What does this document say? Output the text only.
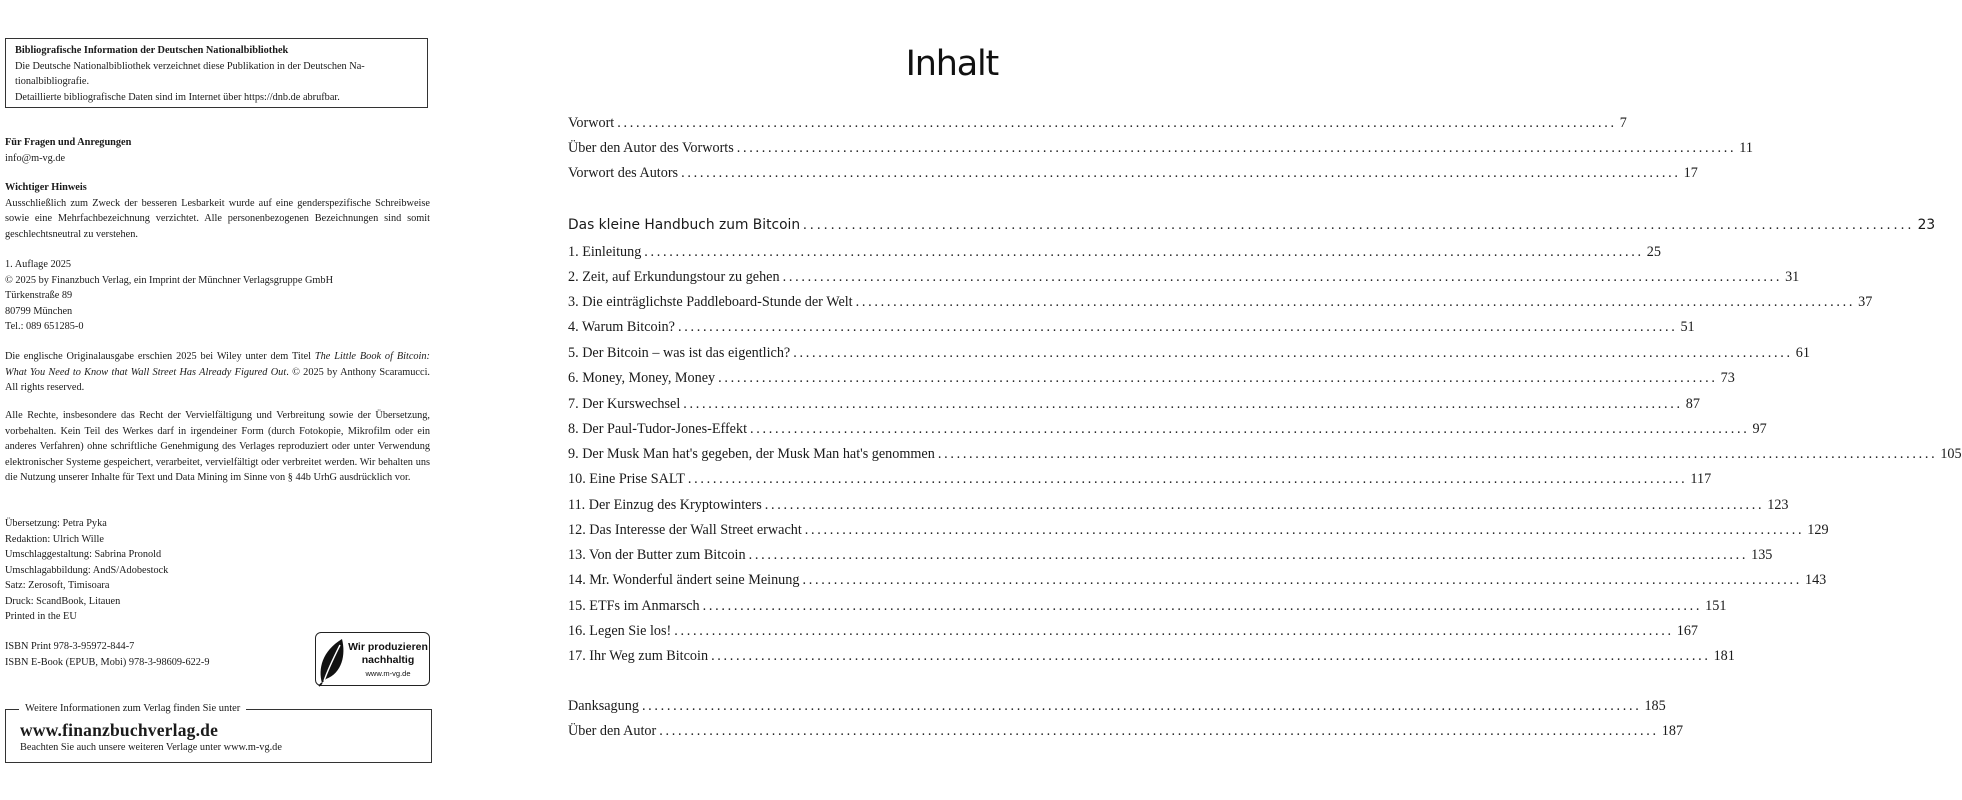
Bibliografische Information der Deutschen Nationalbibliothek
Die Deutsche Nationalbibliothek verzeichnet diese Publikation in der Deutschen Na-
tionalbibliografie.
Detaillierte bibliografische Daten sind im Internet über https://dnb.de abrufbar.

Für Fragen und Anregungen

info@m-vg.de

Wichtiger Hinweis

Ausschließlich zum Zweck der besseren Lesbarkeit wurde auf eine genderspezifische Schreibweise sowie eine Mehrfachbezeichnung verzichtet. Alle personenbezogenen Bezeichnungen sind somit geschlechtsneutral zu verstehen.

1. Auflage 2025

© 2025 by Finanzbuch Verlag, ein Imprint der Münchner Verlagsgruppe GmbH

Türkenstraße 89

80799 München

Tel.: 089 651285-0

Die englische Originalausgabe erschien 2025 bei Wiley unter dem Titel The Little Book of Bitcoin: What You Need to Know that Wall Street Has Already Figured Out. © 2025 by Anthony Scaramucci. All rights reserved.

Alle Rechte, insbesondere das Recht der Vervielfältigung und Verbreitung sowie der Übersetzung, vorbehalten. Kein Teil des Werkes darf in irgendeiner Form (durch Fotokopie, Mikrofilm oder ein anderes Verfahren) ohne schriftliche Genehmigung des Verlages reproduziert oder unter Verwendung elektronischer Systeme gespeichert, verarbeitet, vervielfältigt oder verbreitet werden. Wir behalten uns die Nutzung unserer Inhalte für Text und Data Mining im Sinne von § 44b UrhG ausdrücklich vor.

Übersetzung: Petra Pyka

Redaktion: Ulrich Wille

Umschlaggestaltung: Sabrina Pronold

Umschlagabbildung: AndS/Adobestock

Satz: Zerosoft, Timisoara

Druck: ScandBook, Litauen

Printed in the EU

ISBN Print 978-3-95972-844-7

ISBN E-Book (EPUB, Mobi) 978-3-98609-622-9

Wir produzieren
nachhaltig
www.m-vg.de
Weitere Informationen zum Verlag finden Sie unter
www.finanzbuchverlag.de
Beachten Sie auch unsere weiteren Verlage unter www.m-vg.de
Inhalt
Vorwort ................................................................................................................................................................ 7
Über den Autor des Vorworts ................................................................................................................................................................ 11
Vorwort des Autors ................................................................................................................................................................ 17
Das kleine Handbuch zum Bitcoin ................................................................................................................................................................ 23
1. Einleitung ................................................................................................................................................................ 25
2. Zeit, auf Erkundungstour zu gehen ................................................................................................................................................................ 31
3. Die einträglichste Paddleboard-Stunde der Welt ................................................................................................................................................................ 37
4. Warum Bitcoin? ................................................................................................................................................................ 51
5. Der Bitcoin – was ist das eigentlich? ................................................................................................................................................................ 61
6. Money, Money, Money ................................................................................................................................................................ 73
7. Der Kurswechsel ................................................................................................................................................................ 87
8. Der Paul-Tudor-Jones-Effekt ................................................................................................................................................................ 97
9. Der Musk Man hat's gegeben, der Musk Man hat's genommen ................................................................................................................................................................ 105
10. Eine Prise SALT ................................................................................................................................................................ 117
11. Der Einzug des Kryptowinters ................................................................................................................................................................ 123
12. Das Interesse der Wall Street erwacht ................................................................................................................................................................ 129
13. Von der Butter zum Bitcoin ................................................................................................................................................................ 135
14. Mr. Wonderful ändert seine Meinung ................................................................................................................................................................ 143
15. ETFs im Anmarsch ................................................................................................................................................................ 151
16. Legen Sie los! ................................................................................................................................................................ 167
17. Ihr Weg zum Bitcoin ................................................................................................................................................................ 181
Danksagung ................................................................................................................................................................ 185
Über den Autor ................................................................................................................................................................ 187
